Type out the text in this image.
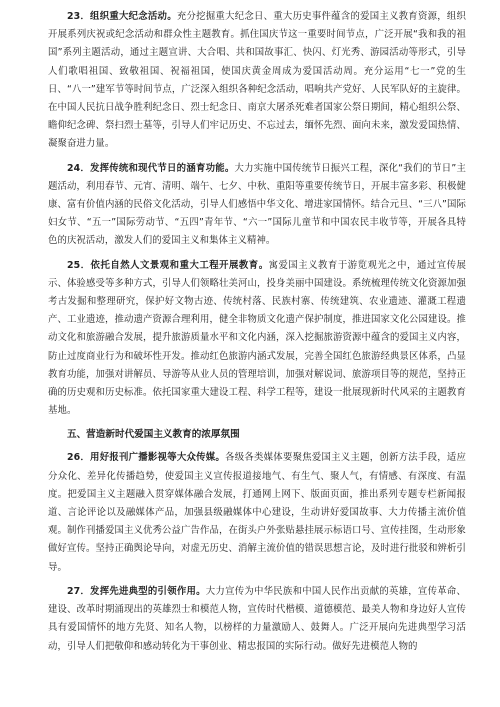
23．组织重大纪念活动。充分挖掘重大纪念日、重大历史事件蕴含的爱国主义教育资源，组织开展系列庆祝或纪念活动和群众性主题教育。抓住国庆节这一重要时间节点，广泛开展“我和我的祖国”系列主题活动，通过主题宣讲、大合唱、共和国故事汇、快闪、灯光秀、游园活动等形式，引导人们歌唱祖国、致敬祖国、祝福祖国，使国庆黄金周成为爱国活动周。充分运用“七一”党的生日、“八一”建军节等时间节点，广泛深入组织各种纪念活动，唱响共产党好、人民军队好的主旋律。在中国人民抗日战争胜利纪念日、烈士纪念日、南京大屠杀死难者国家公祭日期间，精心组织公祭、瞻仰纪念碑、祭扫烈士墓等，引导人们牢记历史、不忘过去，缅怀先烈、面向未来，激发爱国热情、凝聚奋进力量。

24．发挥传统和现代节日的涵育功能。大力实施中国传统节日振兴工程，深化“我们的节日”主题活动，利用春节、元宵、清明、端午、七夕、中秋、重阳等重要传统节日，开展丰富多彩、积极健康、富有价值内涵的民俗文化活动，引导人们感悟中华文化、增进家国情怀。结合元旦、“三八”国际妇女节、“五一”国际劳动节、“五四”青年节、“六一”国际儿童节和中国农民丰收节等，开展各具特色的庆祝活动，激发人们的爱国主义和集体主义精神。

25．依托自然人文景观和重大工程开展教育。寓爱国主义教育于游览观光之中，通过宣传展示、体验感受等多种方式，引导人们领略壮美河山，投身美丽中国建设。系统梳理传统文化资源加强考古发掘和整理研究，保护好文物古迹、传统村落、民族村寨、传统建筑、农业遗迹、灌溉工程遗产、工业遗迹，推动遗产资源合理利用，健全非物质文化遗产保护制度，推进国家文化公园建设。推动文化和旅游融合发展，提升旅游质量水平和文化内涵，深入挖掘旅游资源中蕴含的爱国主义内容，防止过度商业行为和破坏性开发。推动红色旅游内涵式发展，完善全国红色旅游经典景区体系，凸显教育功能，加强对讲解员、导游等从业人员的管理培训，加强对解说词、旅游项目等的规范，坚持正确的历史观和历史标准。依托国家重大建设工程、科学工程等，建设一批展现新时代风采的主题教育基地。

五、营造新时代爱国主义教育的浓厚氛围

26．用好报刊广播影视等大众传媒。各级各类媒体要聚焦爱国主义主题，创新方法手段，适应分众化、差异化传播趋势，使爱国主义宣传报道接地气、有生气、聚人气，有情感、有深度、有温度。把爱国主义主题融入贯穿媒体融合发展，打通网上网下、版面页面，推出系列专题专栏新闻报道、言论评论以及融媒体产品，加强县级融媒体中心建设，生动讲好爱国故事、大力传播主流价值观。制作刊播爱国主义优秀公益广告作品，在街头户外张贴悬挂展示标语口号、宣传挂图，生动形象做好宣传。坚持正确舆论导向，对虚无历史、消解主流价值的错误思想言论，及时进行批驳和辨析引导。

27．发挥先进典型的引领作用。大力宣传为中华民族和中国人民作出贡献的英雄，宣传革命、建设、改革时期涌现出的英雄烈士和模范人物，宣传时代楷模、道德模范、最美人物和身边好人宣传具有爱国情怀的地方先贤、知名人物，以榜样的力量激励人、鼓舞人。广泛开展向先进典型学习活动，引导人们把敬仰和感动转化为干事创业、精忠报国的实际行动。做好先进模范人物的
